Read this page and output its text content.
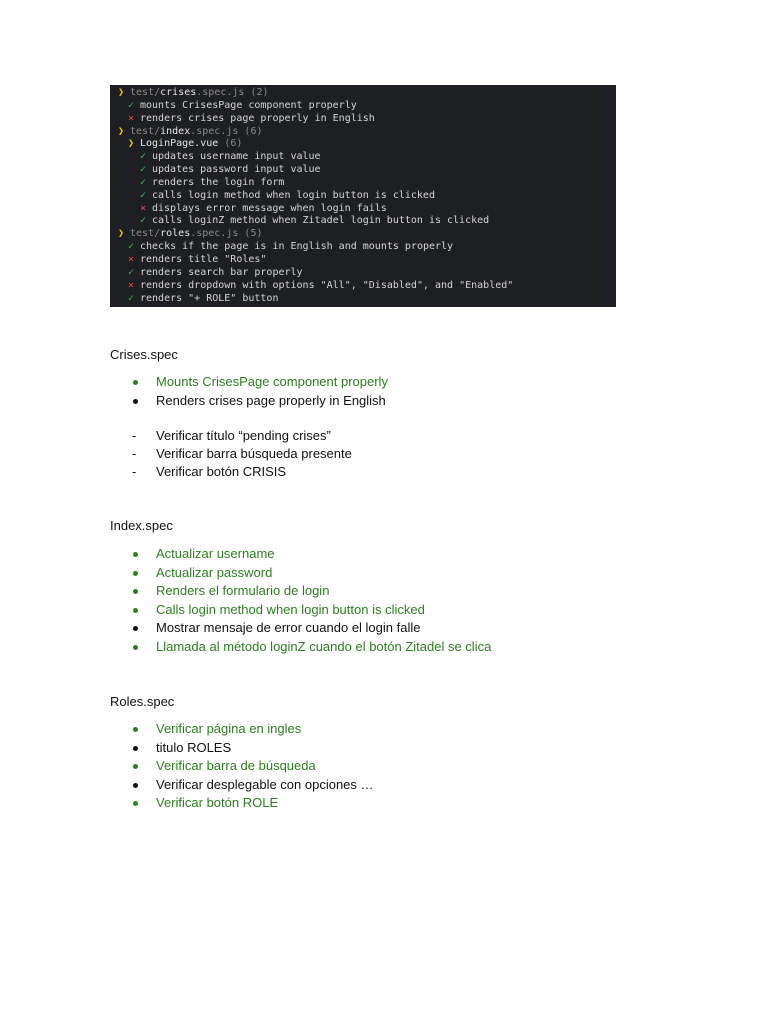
❯ test/crises.spec.js (2)
✓ mounts CrisesPage component properly
× renders crises page properly in English
❯ test/index.spec.js (6)
❯ LoginPage.vue (6)
✓ updates username input value
✓ updates password input value
✓ renders the login form
✓ calls login method when login button is clicked
× displays error message when login fails
✓ calls loginZ method when Zitadel login button is clicked
❯ test/roles.spec.js (5)
✓ checks if the page is in English and mounts properly
× renders title "Roles"
✓ renders search bar properly
× renders dropdown with options "All", "Disabled", and "Enabled"
✓ renders "+ ROLE" button
Crises.spec
Mounts CrisesPage component properly
Renders crises page properly in English
- Verificar título “pending crises”
- Verificar barra búsqueda presente
- Verificar botón CRISIS
Index.spec
Actualizar username
Actualizar password
Renders el formulario de login
Calls login method when login button is clicked
Mostrar mensaje de error cuando el login falle
Llamada al método loginZ cuando el botón Zitadel se clica
Roles.spec
Verificar página en ingles
titulo ROLES
Verificar barra de búsqueda
Verificar desplegable con opciones …
Verificar botón ROLE
